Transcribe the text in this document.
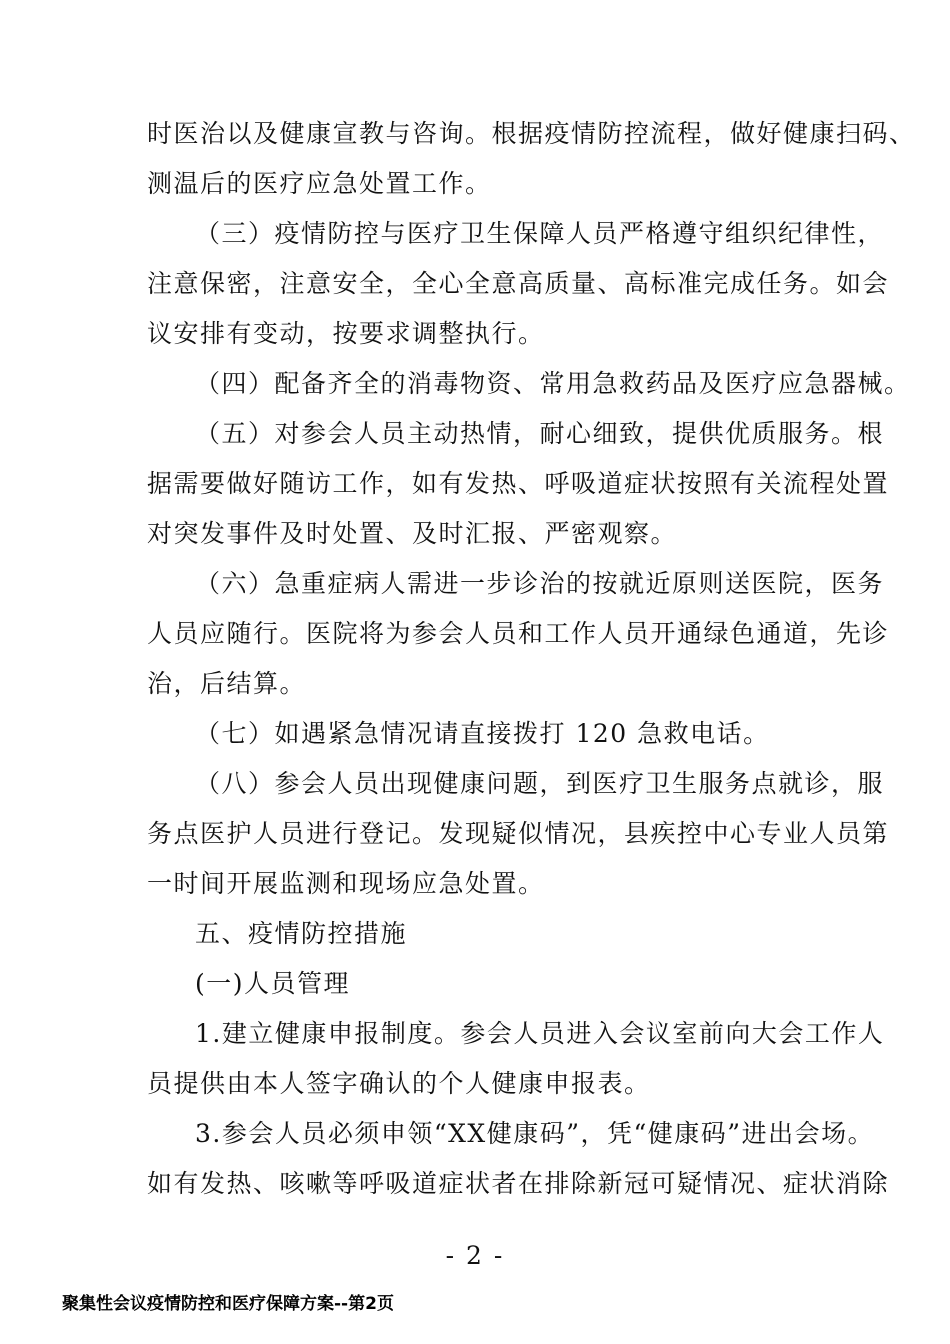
时医治以及健康宣教与咨询。根据疫情防控流程，做好健康扫码、
测温后的医疗应急处置工作。
（三）疫情防控与医疗卫生保障人员严格遵守组织纪律性，
注意保密，注意安全，全心全意高质量、高标准完成任务。如会
议安排有变动，按要求调整执行。
（四）配备齐全的消毒物资、常用急救药品及医疗应急器械。
（五）对参会人员主动热情，耐心细致，提供优质服务。根
据需要做好随访工作，如有发热、呼吸道症状按照有关流程处置
对突发事件及时处置、及时汇报、严密观察。
（六）急重症病人需进一步诊治的按就近原则送医院，医务
人员应随行。医院将为参会人员和工作人员开通绿色通道，先诊
治，后结算。
（七）如遇紧急情况请直接拨打 120 急救电话。
（八）参会人员出现健康问题，到医疗卫生服务点就诊，服
务点医护人员进行登记。发现疑似情况，县疾控中心专业人员第
一时间开展监测和现场应急处置。
五、疫情防控措施
(一)人员管理
1.建立健康申报制度。参会人员进入会议室前向大会工作人
员提供由本人签字确认的个人健康申报表。
3.参会人员必须申领“XX健康码”，凭“健康码”进出会场。
如有发热、咳嗽等呼吸道症状者在排除新冠可疑情况、症状消除
- 2 -
聚集性会议疫情防控和医疗保障方案--第2页
